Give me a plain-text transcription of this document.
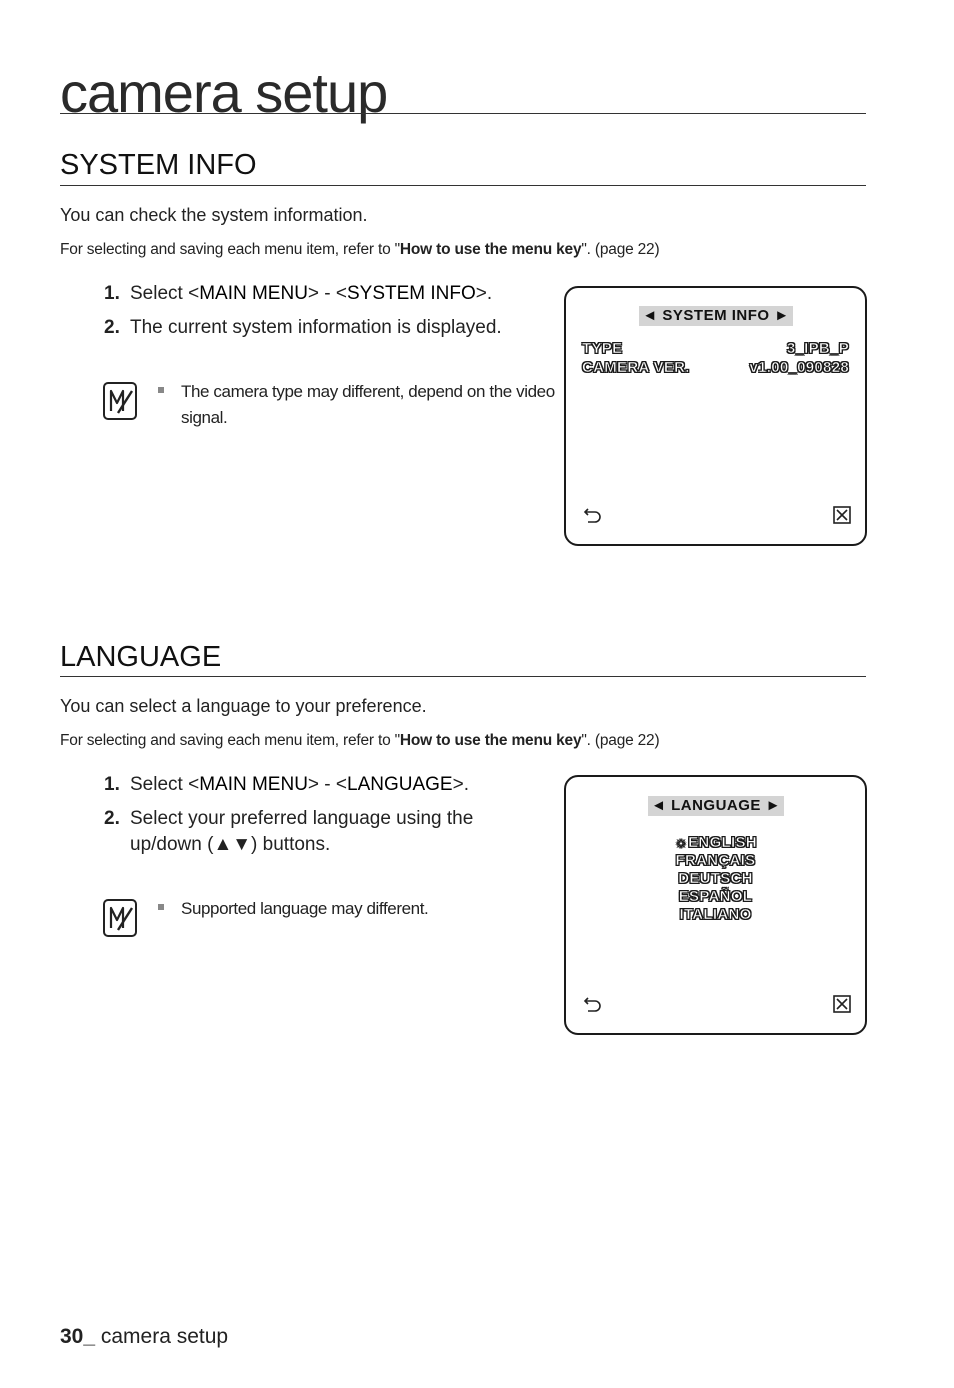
camera setup
SYSTEM INFO
You can check the system information.
For selecting and saving each menu item, refer to "How to use the menu key". (page 22)
1. Select <MAIN MENU> - <SYSTEM INFO>.
2. The current system information is displayed.
The camera type may different, depend on the video signal.
◄ SYSTEM INFO ►
TYPE	3_IPB_P
CAMERA VER.	v1.00_090828
LANGUAGE
You can select a language to your preference.
For selecting and saving each menu item, refer to "How to use the menu key". (page 22)
1. Select <MAIN MENU> - <LANGUAGE>.
2. Select your preferred language using the
up/down (▲▼) buttons.
Supported language may different.
◄ LANGUAGE ►
☼ENGLISH
FRANÇAIS
DEUTSCH
ESPAÑOL
ITALIANO
30_ camera setup
